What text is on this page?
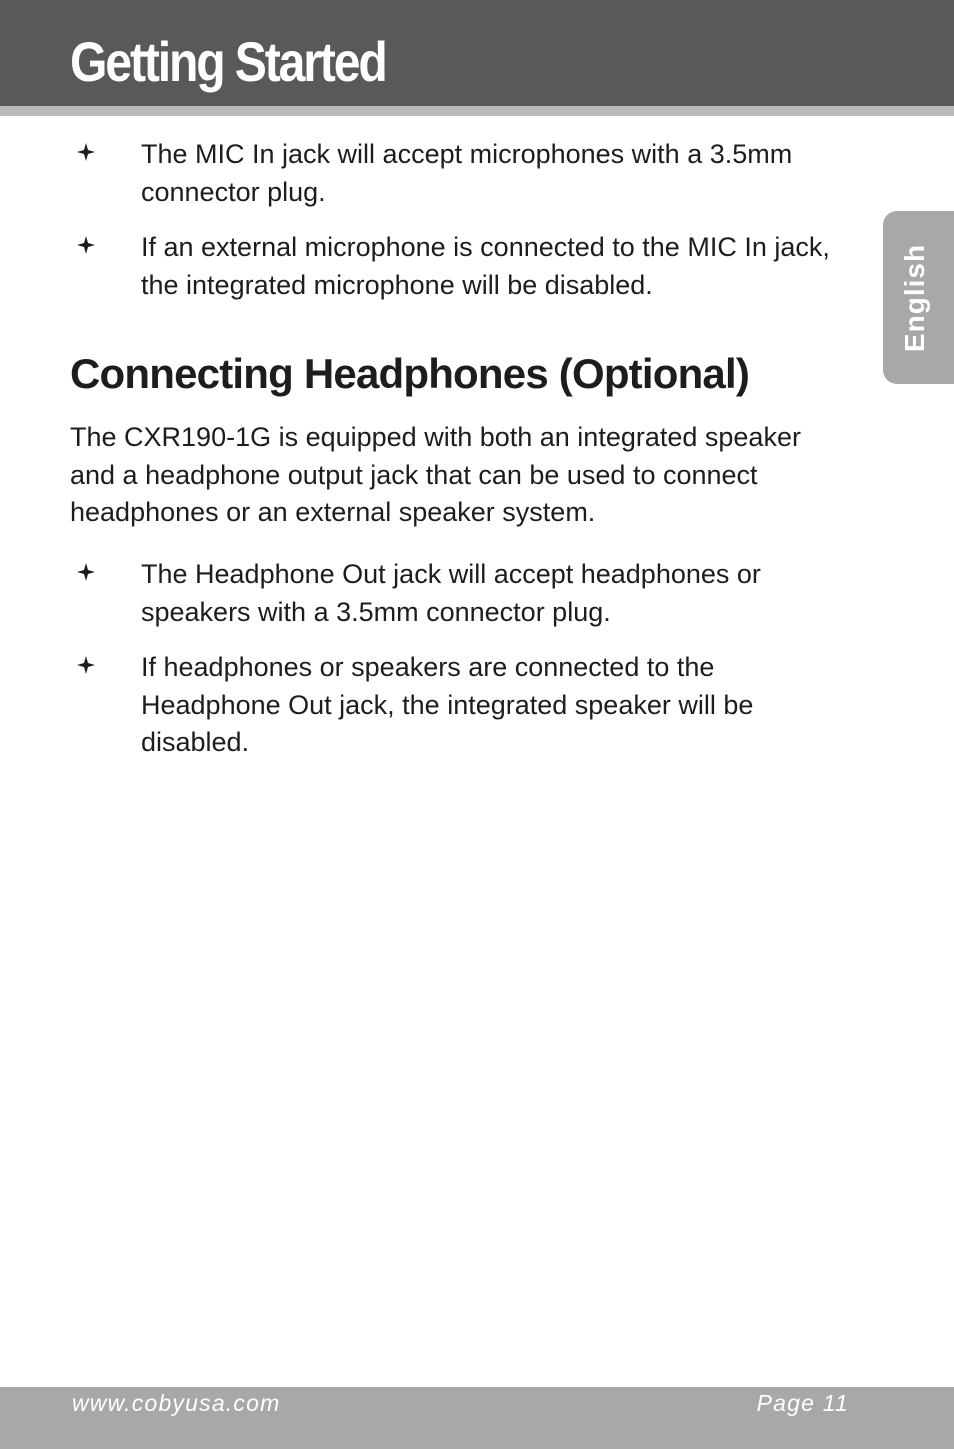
Getting Started
English

The MIC In jack will accept microphones with a 3.5mm connector plug.

If an external microphone is connected to the MIC In jack, the integrated microphone will be disabled.

Connecting Headphones (Optional)

The CXR190-1G is equipped with both an integrated speaker and a headphone output jack that can be used to connect headphones or an external speaker system.

The Headphone Out jack will accept headphones or speakers with a 3.5mm connector plug.

If headphones or speakers are connected to the Headphone Out jack, the integrated speaker will be disabled.

www.cobyusa.com	Page 11
